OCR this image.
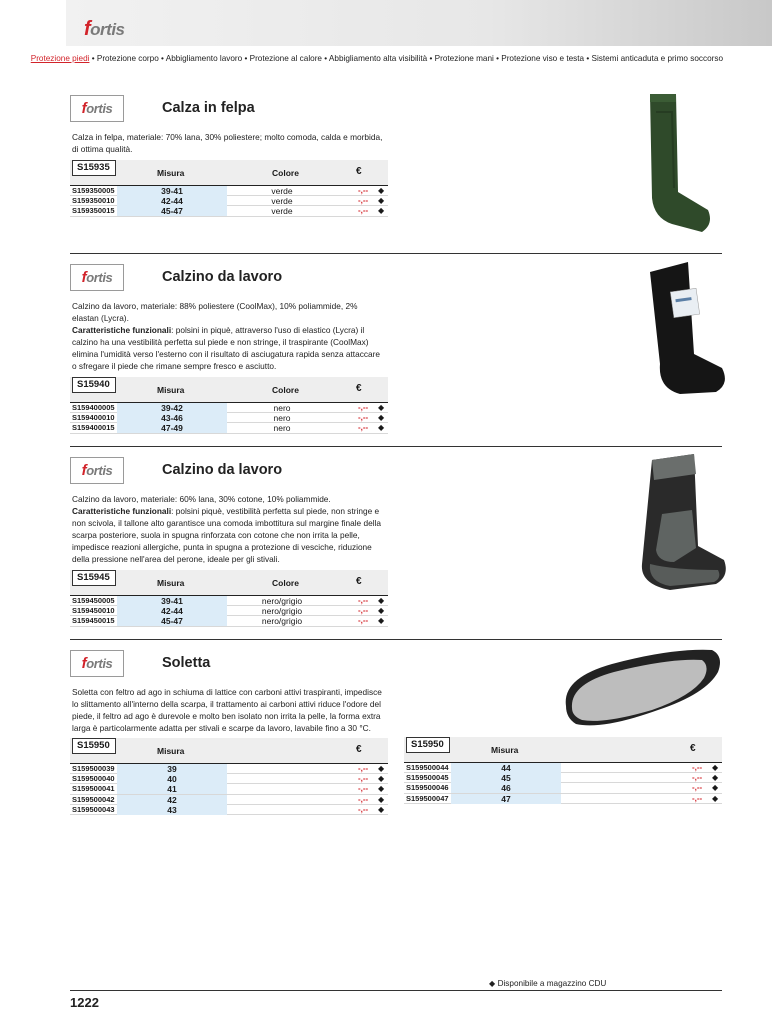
fortis
Protezione piedi • Protezione corpo • Abbigliamento lavoro • Protezione al calore • Abbigliamento alta visibilità • Protezione mani • Protezione viso e testa • Sistemi anticaduta e primo soccorso
fortis	Calza in felpa
Calza in felpa, materiale: 70% lana, 30% poliestere; molto comoda, calda e morbida, di ottima qualità.
S15935	Misura	Colore	€
S159350005	39-41	verde	-,-- ◆
S159350010	42-44	verde	-,-- ◆
S159350015	45-47	verde	-,-- ◆
fortis	Calzino da lavoro
Calzino da lavoro, materiale: 88% poliestere (CoolMax), 10% poliammide, 2% elastan (Lycra).
Caratteristiche funzionali: polsini in piquè, attraverso l'uso di elastico (Lycra) il calzino ha una vestibilità perfetta sul piede e non stringe, il traspirante (CoolMax) elimina l'umidità verso l'esterno con il risultato di asciugatura rapida senza attaccare o sfregare il piede che rimane sempre fresco e asciutto.
S15940	Misura	Colore	€
S159400005	39-42	nero	-,-- ◆
S159400010	43-46	nero	-,-- ◆
S159400015	47-49	nero	-,-- ◆
fortis	Calzino da lavoro
Calzino da lavoro, materiale: 60% lana, 30% cotone, 10% poliammide.
Caratteristiche funzionali: polsini piquè, vestibilità perfetta sul piede, non stringe e non scivola, il tallone alto garantisce una comoda imbottitura sul margine finale della scarpa posteriore, suola in spugna rinforzata con cotone che non irrita la pelle, impedisce reazioni allergiche, punta in spugna a protezione di vesciche, riduzione della pressione nell'area del perone, ideale per gli stivali.
S15945	Misura	Colore	€
S159450005	39-41	nero/grigio	-,-- ◆
S159450010	42-44	nero/grigio	-,-- ◆
S159450015	45-47	nero/grigio	-,-- ◆
fortis	Soletta
Soletta con feltro ad ago in schiuma di lattice con carboni attivi traspiranti, impedisce lo slittamento all'interno della scarpa, il trattamento ai carboni attivi riduce l'odore del piede, il feltro ad ago è durevole e molto ben isolato non irrita la pelle, la forma extra larga è particolarmente adatta per stivali e scarpe da lavoro, lavabile fino a 30 °C.
S15950	Misura	€
S159500039	39	-,-- ◆
S159500040	40	-,-- ◆
S159500041	41	-,-- ◆
S159500042	42	-,-- ◆
S159500043	43	-,-- ◆
S15950	Misura	€
S159500044	44	-,-- ◆
S159500045	45	-,-- ◆
S159500046	46	-,-- ◆
S159500047	47	-,-- ◆
◆ Disponibile a magazzino CDU
1222
